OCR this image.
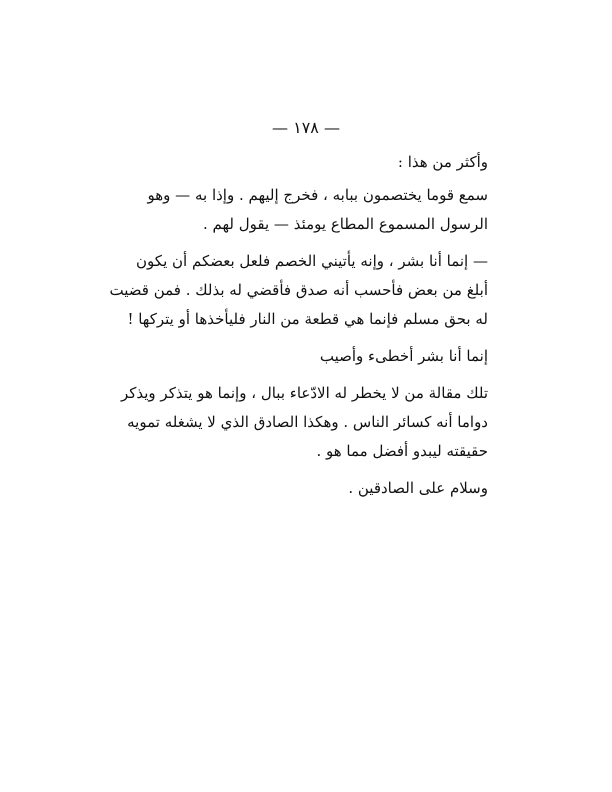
— ١٧٨ —
وأكثر من هذا :
سمع قوما يختصمون ببابه ، فخرج إليهم . وإذا به — وهو
الرسول المسموع المطاع يومئذ — يقول لهم .
— إنما أنا بشر ، وإنه يأتيني الخصم فلعل بعضكم أن يكون
أبلغ من بعض فأحسب أنه صدق فأقضي له بذلك . فمن قضيت
له بحق مسلم فإنما هي قطعة من النار فليأخذها أو يتركها !
إنما أنا بشر أخطىء وأصيب
تلك مقالة من لا يخطر له الادّعاء ببال ، وإنما هو يتذكر ويذكر
دواما أنه كسائر الناس . وهكذا الصادق الذي لا يشغله تمويه
حقيقته ليبدو أفضل مما هو .
وسلام على الصادقين .
